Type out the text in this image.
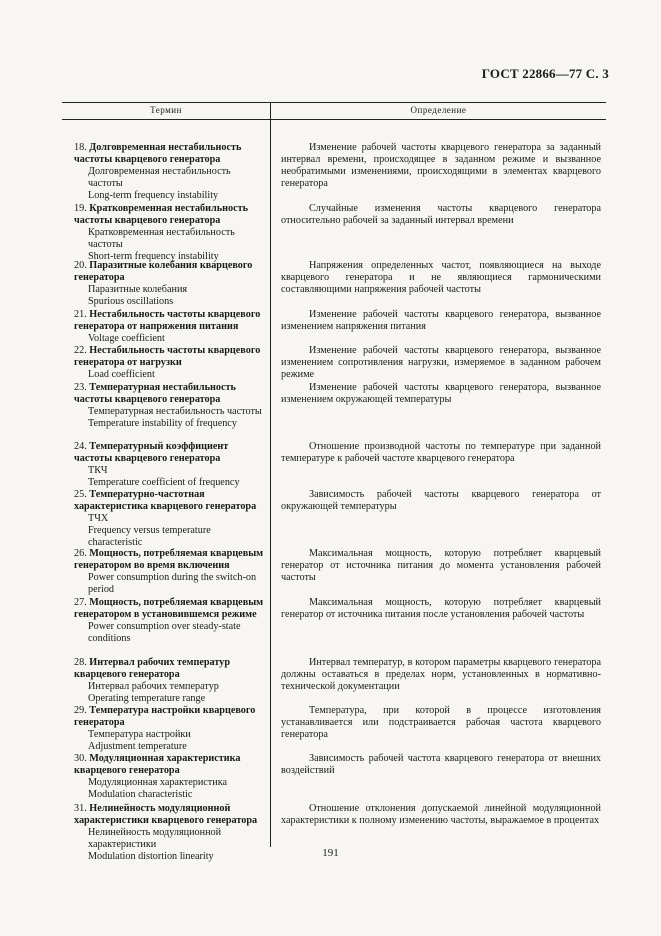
ГОСТ 22866—77 С. 3
Термин	Определение
18. Долговременная нестабильность частоты кварцевого генератора
Долговременная нестабильность частоты
Long-term frequency instability
Изменение рабочей частоты кварцевого генератора за заданный интервал времени, происходящее в заданном режиме и вызванное необратимыми изменениями, происходящими в элементах кварцевого генератора
19. Кратковременная нестабильность частоты кварцевого генератора
Кратковременная нестабильность частоты
Short-term frequency instability
Случайные изменения частоты кварцевого генератора относительно рабочей за заданный интервал времени
20. Паразитные колебания кварцевого генератора
Паразитные колебания
Spurious oscillations
Напряжения определенных частот, появляющиеся на выходе кварцевого генератора и не являющиеся гармоническими составляющими напряжения рабочей частоты
21. Нестабильность частоты кварцевого генератора от напряжения питания
Voltage coefficient
Изменение рабочей частоты кварцевого генератора, вызванное изменением напряжения питания
22. Нестабильность частоты кварцевого генератора от нагрузки
Load coefficient
Изменение рабочей частоты кварцевого генератора, вызванное изменением сопротивления нагрузки, измеряемое в заданном рабочем режиме
23. Температурная нестабильность частоты кварцевого генератора
Температурная нестабильность частоты
Temperature instability of frequency
Изменение рабочей частоты кварцевого генератора, вызванное изменением окружающей температуры
24. Температурный коэффициент частоты кварцевого генератора
ТКЧ
Temperature coefficient of frequency
Отношение производной частоты по температуре при заданной температуре к рабочей частоте кварцевого генератора
25. Температурно-частотная характеристика кварцевого генератора
ТЧХ
Frequency versus temperature characteristic
Зависимость рабочей частоты кварцевого генератора от окружающей температуры
26. Мощность, потребляемая кварцевым генератором во время включения
Power consumption during the switch-on period
Максимальная мощность, которую потребляет кварцевый генератор от источника питания до момента установления рабочей частоты
27. Мощность, потребляемая кварцевым генератором в установившемся режиме
Power consumption over steady-state conditions
Максимальная мощность, которую потребляет кварцевый генератор от источника питания после установления рабочей частоты
28. Интервал рабочих температур кварцевого генератора
Интервал рабочих температур
Operating temperature range
Интервал температур, в котором параметры кварцевого генератора должны оставаться в пределах норм, установленных в нормативно-технической документации
29. Температура настройки кварцевого генератора
Температура настройки
Adjustment temperature
Температура, при которой в процессе изготовления устанавливается или подстраивается рабочая частота кварцевого генератора
30. Модуляционная характеристика кварцевого генератора
Модуляционная характеристика
Modulation characteristic
Зависимость рабочей частота кварцевого генератора от внешних воздействий
31. Нелинейность модуляционной характеристики кварцевого генератора
Нелинейность модуляционной характеристики
Modulation distortion linearity
Отношение отклонения допускаемой линейной модуляционной характеристики к полному изменению частоты, выражаемое в процентах
191
